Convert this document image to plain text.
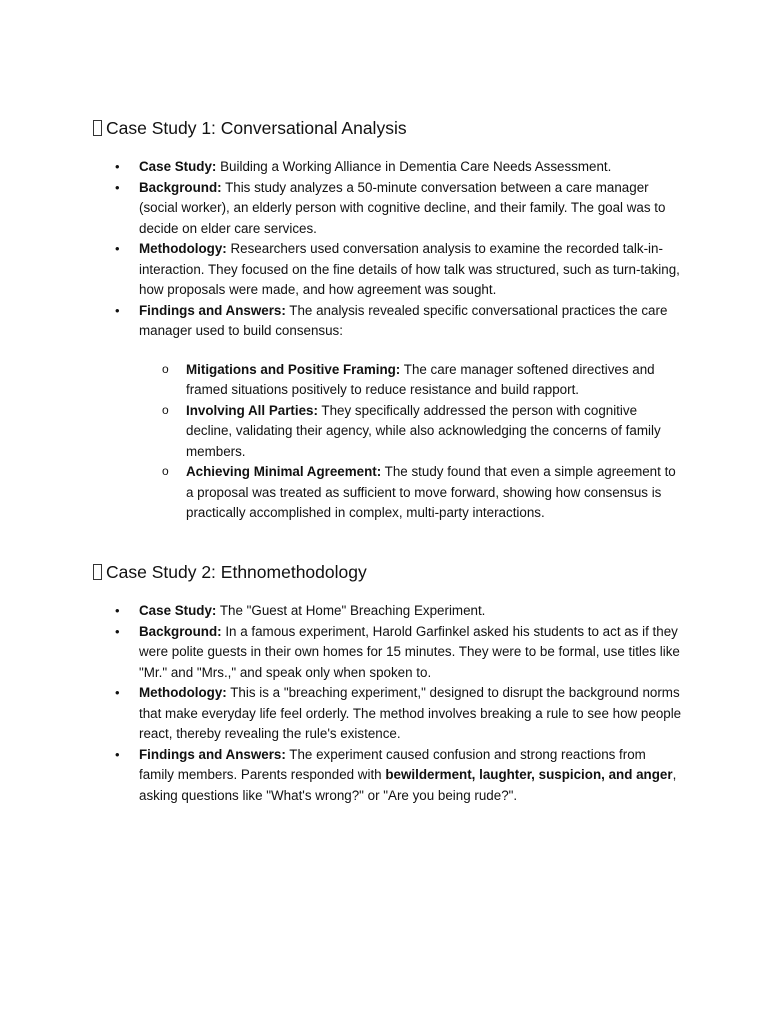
Case Study 1: Conversational Analysis
• Case Study: Building a Working Alliance in Dementia Care Needs Assessment.
• Background: This study analyzes a 50-minute conversation between a care manager (social worker), an elderly person with cognitive decline, and their family. The goal was to decide on elder care services.
• Methodology: Researchers used conversation analysis to examine the recorded talk-in-interaction. They focused on the fine details of how talk was structured, such as turn-taking, how proposals were made, and how agreement was sought.
• Findings and Answers: The analysis revealed specific conversational practices the care manager used to build consensus:
o Mitigations and Positive Framing: The care manager softened directives and framed situations positively to reduce resistance and build rapport.
o Involving All Parties: They specifically addressed the person with cognitive decline, validating their agency, while also acknowledging the concerns of family members.
o Achieving Minimal Agreement: The study found that even a simple agreement to a proposal was treated as sufficient to move forward, showing how consensus is practically accomplished in complex, multi-party interactions.
Case Study 2: Ethnomethodology
• Case Study: The "Guest at Home" Breaching Experiment.
• Background: In a famous experiment, Harold Garfinkel asked his students to act as if they were polite guests in their own homes for 15 minutes. They were to be formal, use titles like "Mr." and "Mrs.," and speak only when spoken to.
• Methodology: This is a "breaching experiment," designed to disrupt the background norms that make everyday life feel orderly. The method involves breaking a rule to see how people react, thereby revealing the rule's existence.
• Findings and Answers: The experiment caused confusion and strong reactions from family members. Parents responded with bewilderment, laughter, suspicion, and anger, asking questions like "What's wrong?" or "Are you being rude?".
